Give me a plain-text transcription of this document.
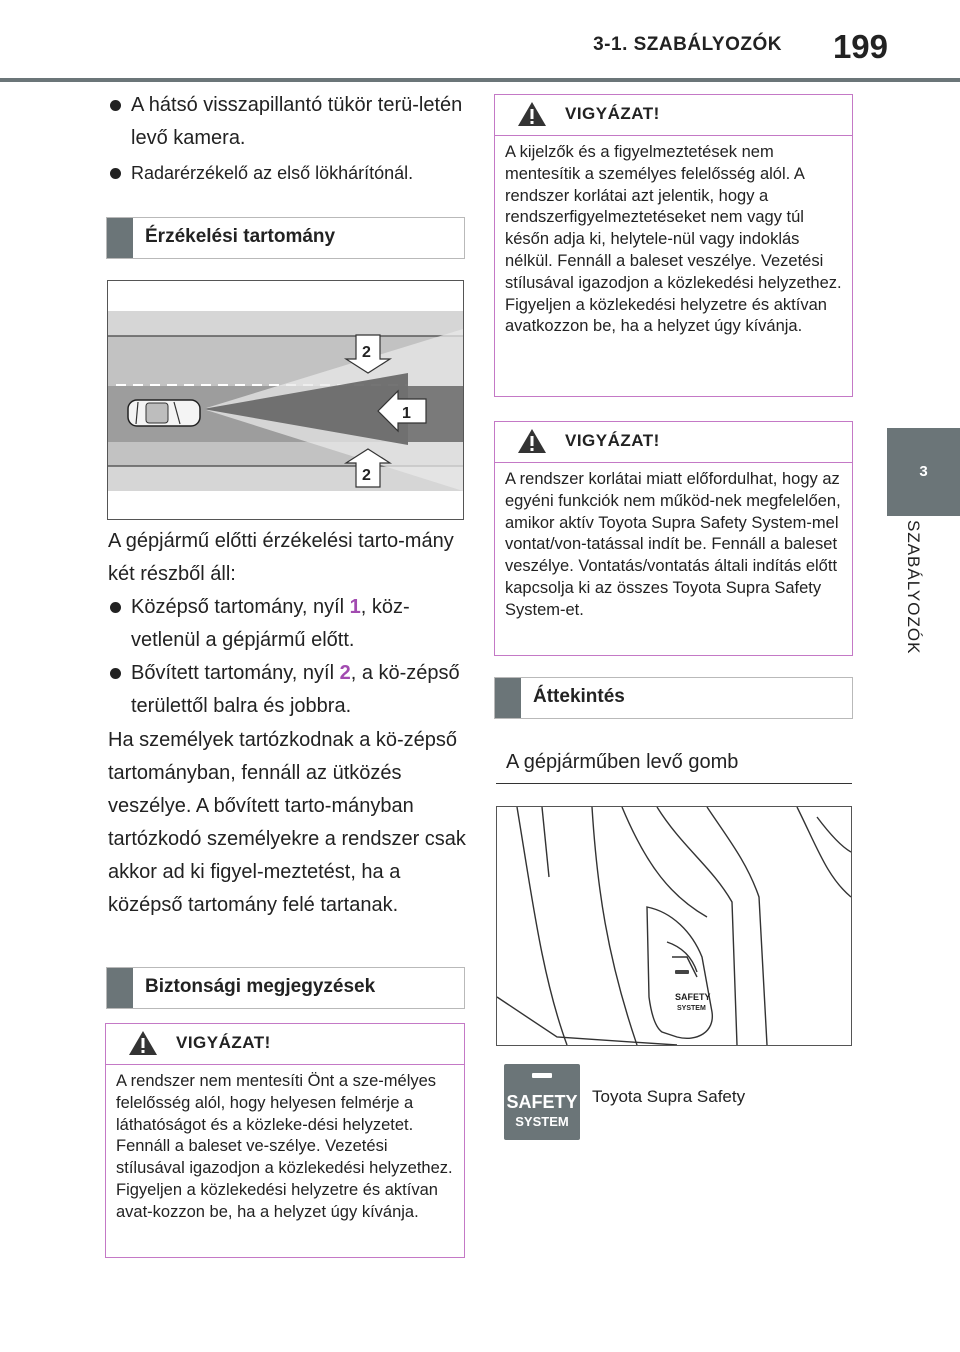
3-1. SZABÁLYOZÓK 199
3
SZABÁLYOZÓK
A hátsó visszapillantó tükör terü-letén levő kamera.
Radarérzékelő az első lökhárítónál.
Érzékelési tartomány
1
2
2
A gépjármű előtti érzékelési tarto-mány két részből áll:
Középső tartomány, nyíl 1, köz-vetlenül a gépjármű előtt.
Bővített tartomány, nyíl 2, a kö-zépső területtől balra és jobbra.
Ha személyek tartózkodnak a kö-zépső tartományban, fennáll az ütközés veszélye. A bővített tarto-mányban tartózkodó személyekre a rendszer csak akkor ad ki figyel-meztetést, ha a középső tartomány felé tartanak.
Biztonsági megjegyzések
VIGYÁZAT!
A rendszer nem mentesíti Önt a sze-mélyes felelősség alól, hogy helyesen felmérje a láthatóságot és a közleke-dési helyzetet. Fennáll a baleset ve-szélye. Vezetési stílusával igazodjon a közlekedési helyzethez. Figyeljen a közlekedési helyzetre és aktívan avat-kozzon be, ha a helyzet úgy kívánja.
VIGYÁZAT!
A kijelzők és a figyelmeztetések nem mentesítik a személyes felelősség alól. A rendszer korlátai azt jelentik, hogy a rendszerfigyelmeztetéseket nem vagy túl későn adja ki, helytele-nül vagy indoklás nélkül. Fennáll a baleset veszélye. Vezetési stílusával igazodjon a közlekedési helyzethez. Figyeljen a közlekedési helyzetre és aktívan avatkozzon be, ha a helyzet úgy kívánja.
VIGYÁZAT!
A rendszer korlátai miatt előfordulhat, hogy az egyéni funkciók nem működ-nek megfelelően, amikor aktív Toyota Supra Safety System-mel vontat/von-tatással indít be. Fennáll a baleset veszélye. Vontatás/vontatás általi indítás előtt kapcsolja ki az összes Toyota Supra Safety System-et.
Áttekintés
A gépjárműben levő gomb
SAFETY
SYSTEM
SAFETY
SYSTEM
Toyota Supra Safety
